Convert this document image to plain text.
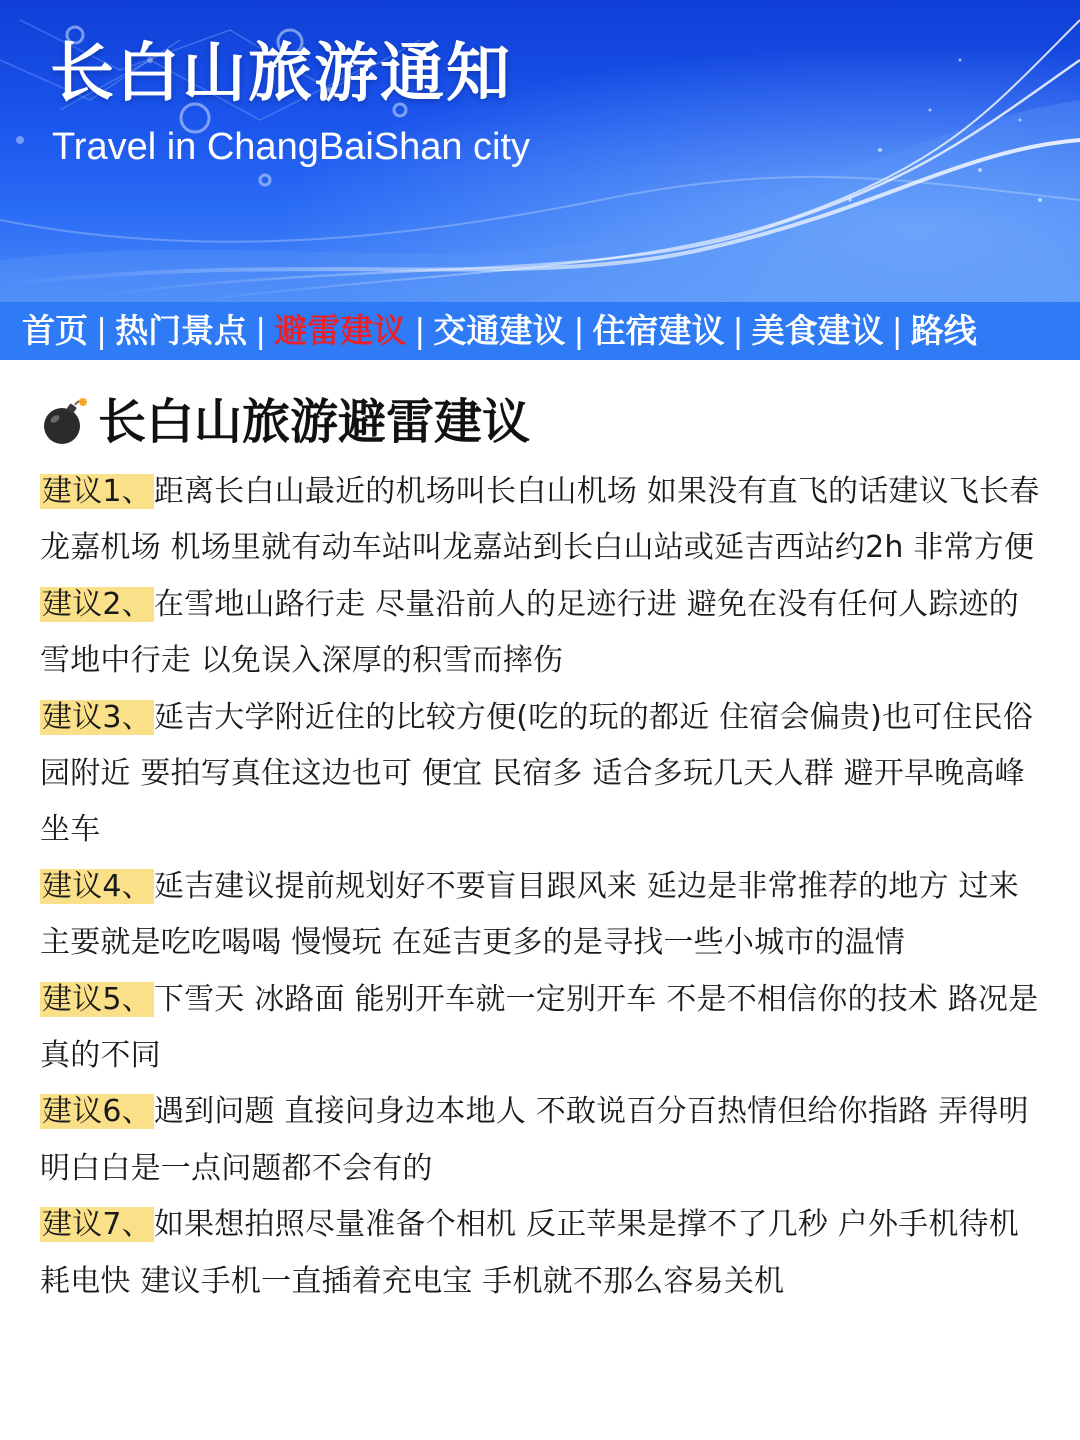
长白山旅游通知
Travel in ChangBaiShan city
首页 | 热门景点 | 避雷建议 | 交通建议 | 住宿建议 | 美食建议 | 路线
长白山旅游避雷建议

建议1、距离长白山最近的机场叫长白山机场 如果没有直飞的话建议飞长春龙嘉机场 机场里就有动车站叫龙嘉站到长白山站或延吉西站约2h 非常方便

建议2、在雪地山路行走 尽量沿前人的足迹行进 避免在没有任何人踪迹的雪地中行走 以免误入深厚的积雪而摔伤

建议3、延吉大学附近住的比较方便(吃的玩的都近 住宿会偏贵)也可住民俗园附近 要拍写真住这边也可 便宜 民宿多 适合多玩几天人群 避开早晚高峰坐车

建议4、延吉建议提前规划好不要盲目跟风来 延边是非常推荐的地方 过来主要就是吃吃喝喝 慢慢玩 在延吉更多的是寻找一些小城市的温情

建议5、下雪天 冰路面 能别开车就一定别开车 不是不相信你的技术 路况是真的不同

建议6、遇到问题 直接问身边本地人 不敢说百分百热情但给你指路 弄得明明白白是一点问题都不会有的

建议7、如果想拍照尽量准备个相机 反正苹果是撑不了几秒 户外手机待机耗电快 建议手机一直插着充电宝 手机就不那么容易关机
